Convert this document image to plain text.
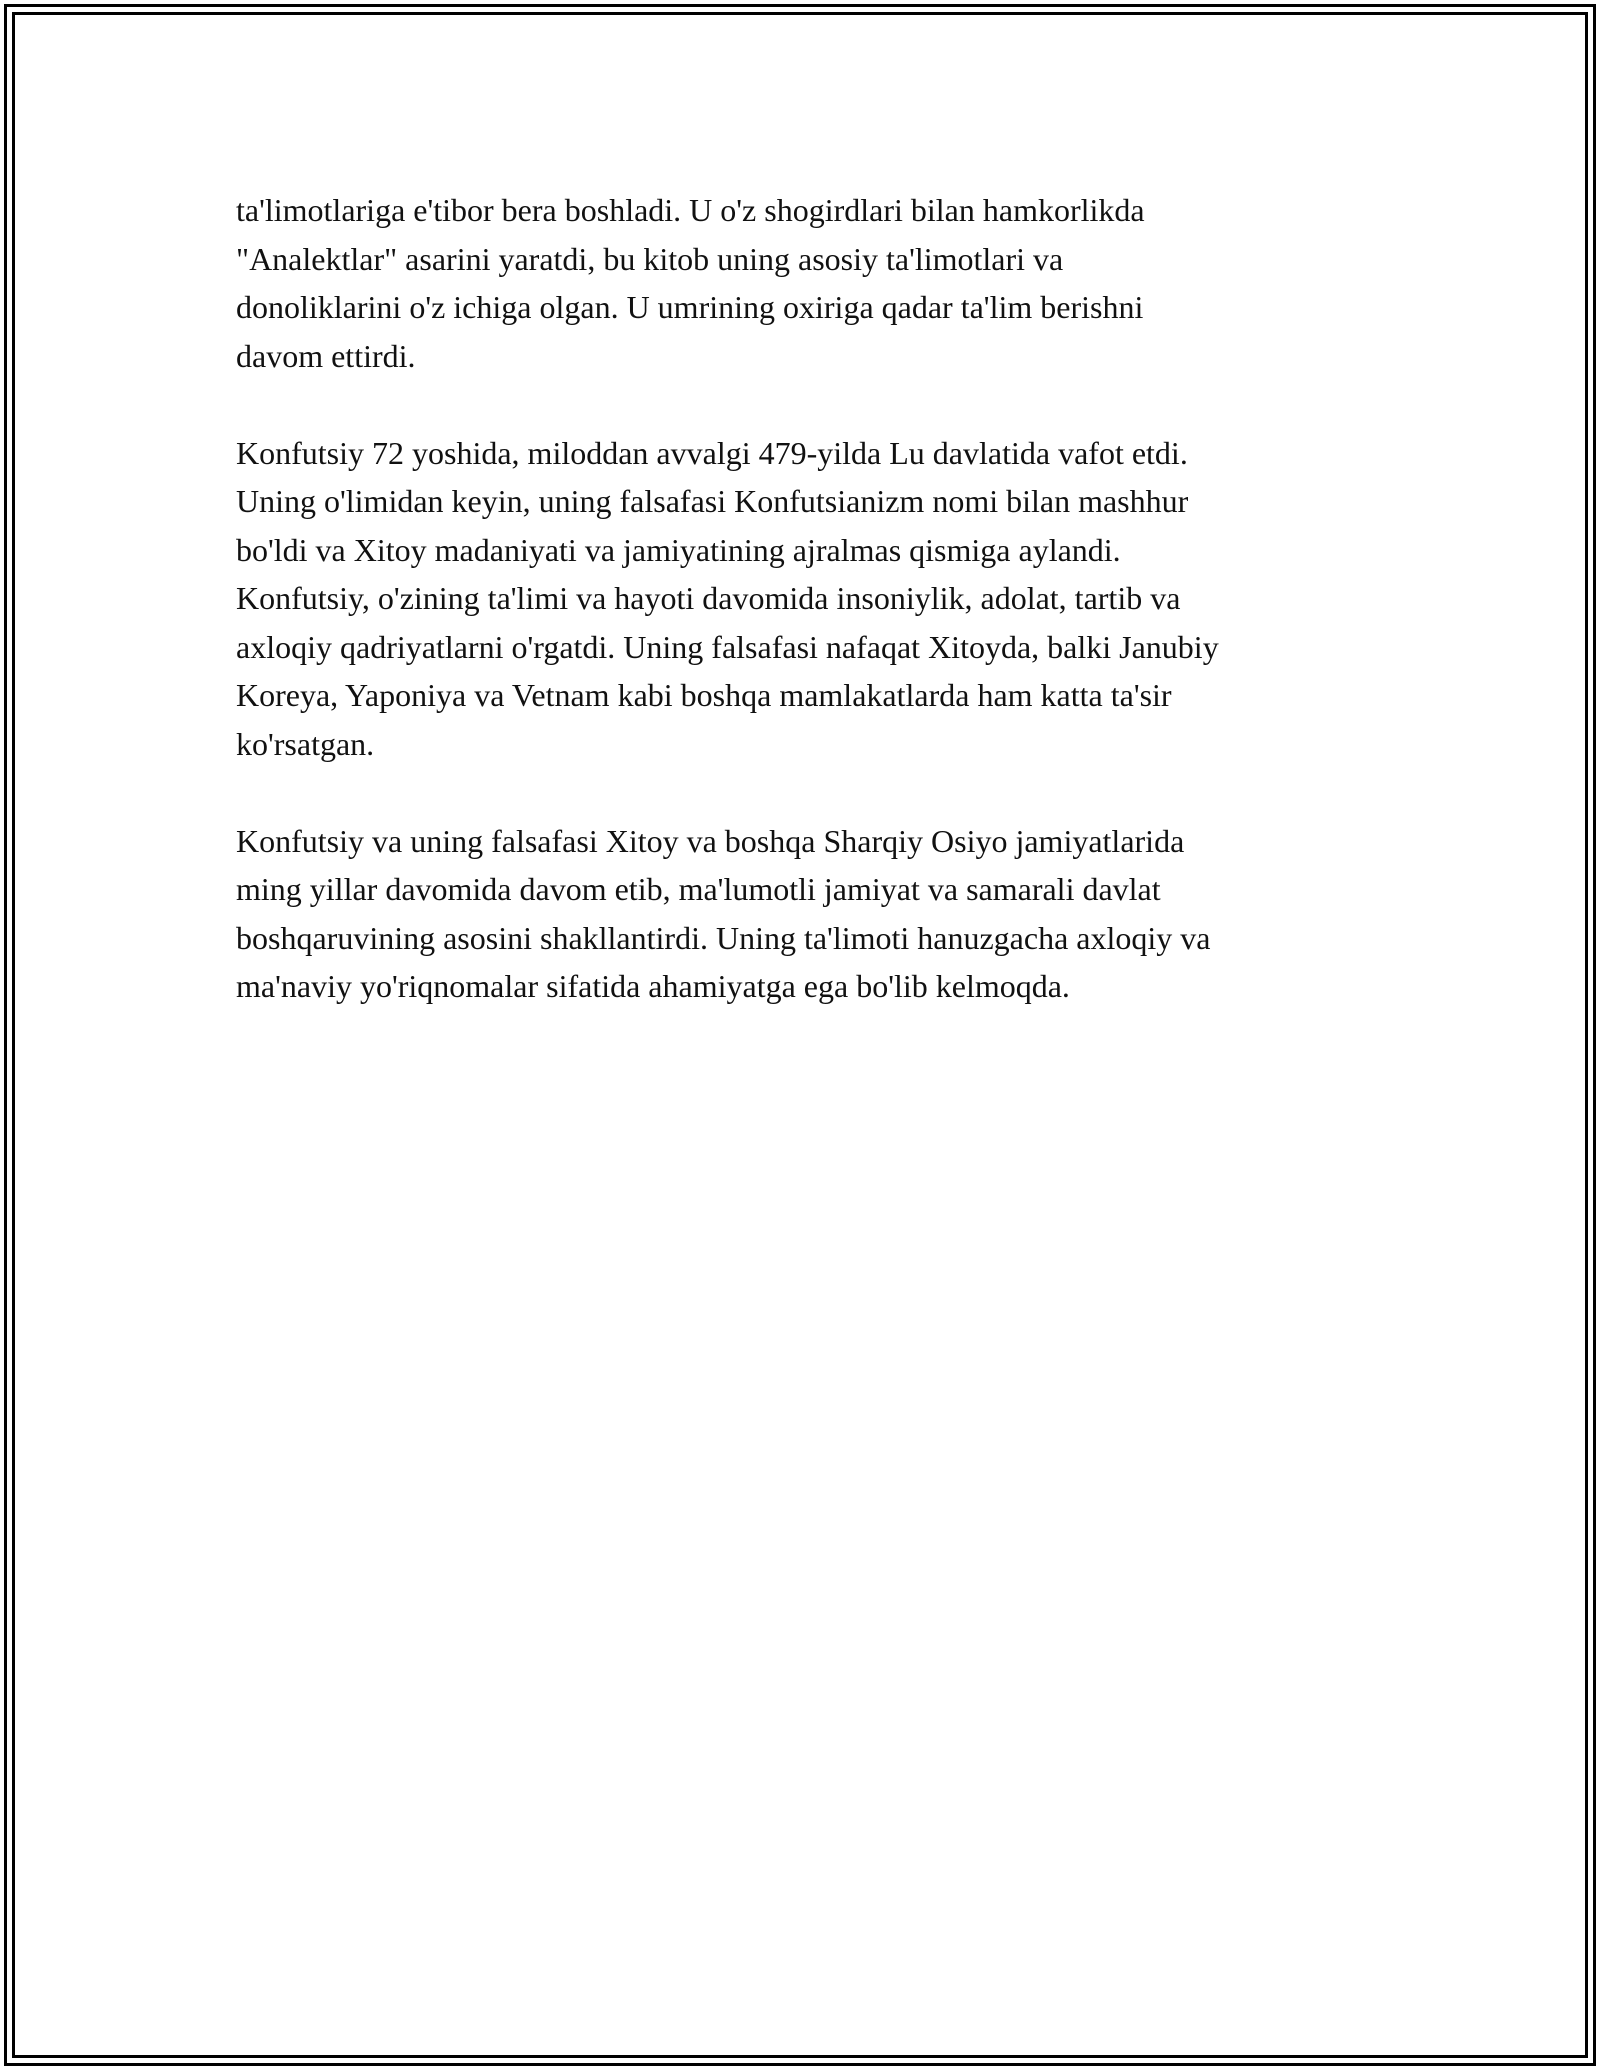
ta'limotlariga e'tibor bera boshladi. U o'z shogirdlari bilan hamkorlikda
"Analektlar" asarini yaratdi, bu kitob uning asosiy ta'limotlari va
donoliklarini o'z ichiga olgan. U umrining oxiriga qadar ta'lim berishni
davom ettirdi.

Konfutsiy 72 yoshida, miloddan avvalgi 479-yilda Lu davlatida vafot etdi.
Uning o'limidan keyin, uning falsafasi Konfutsianizm nomi bilan mashhur
bo'ldi va Xitoy madaniyati va jamiyatining ajralmas qismiga aylandi.
Konfutsiy, o'zining ta'limi va hayoti davomida insoniylik, adolat, tartib va
axloqiy qadriyatlarni o'rgatdi. Uning falsafasi nafaqat Xitoyda, balki Janubiy
Koreya, Yaponiya va Vetnam kabi boshqa mamlakatlarda ham katta ta'sir
ko'rsatgan.

Konfutsiy va uning falsafasi Xitoy va boshqa Sharqiy Osiyo jamiyatlarida
ming yillar davomida davom etib, ma'lumotli jamiyat va samarali davlat
boshqaruvining asosini shakllantirdi. Uning ta'limoti hanuzgacha axloqiy va
ma'naviy yo'riqnomalar sifatida ahamiyatga ega bo'lib kelmoqda.
